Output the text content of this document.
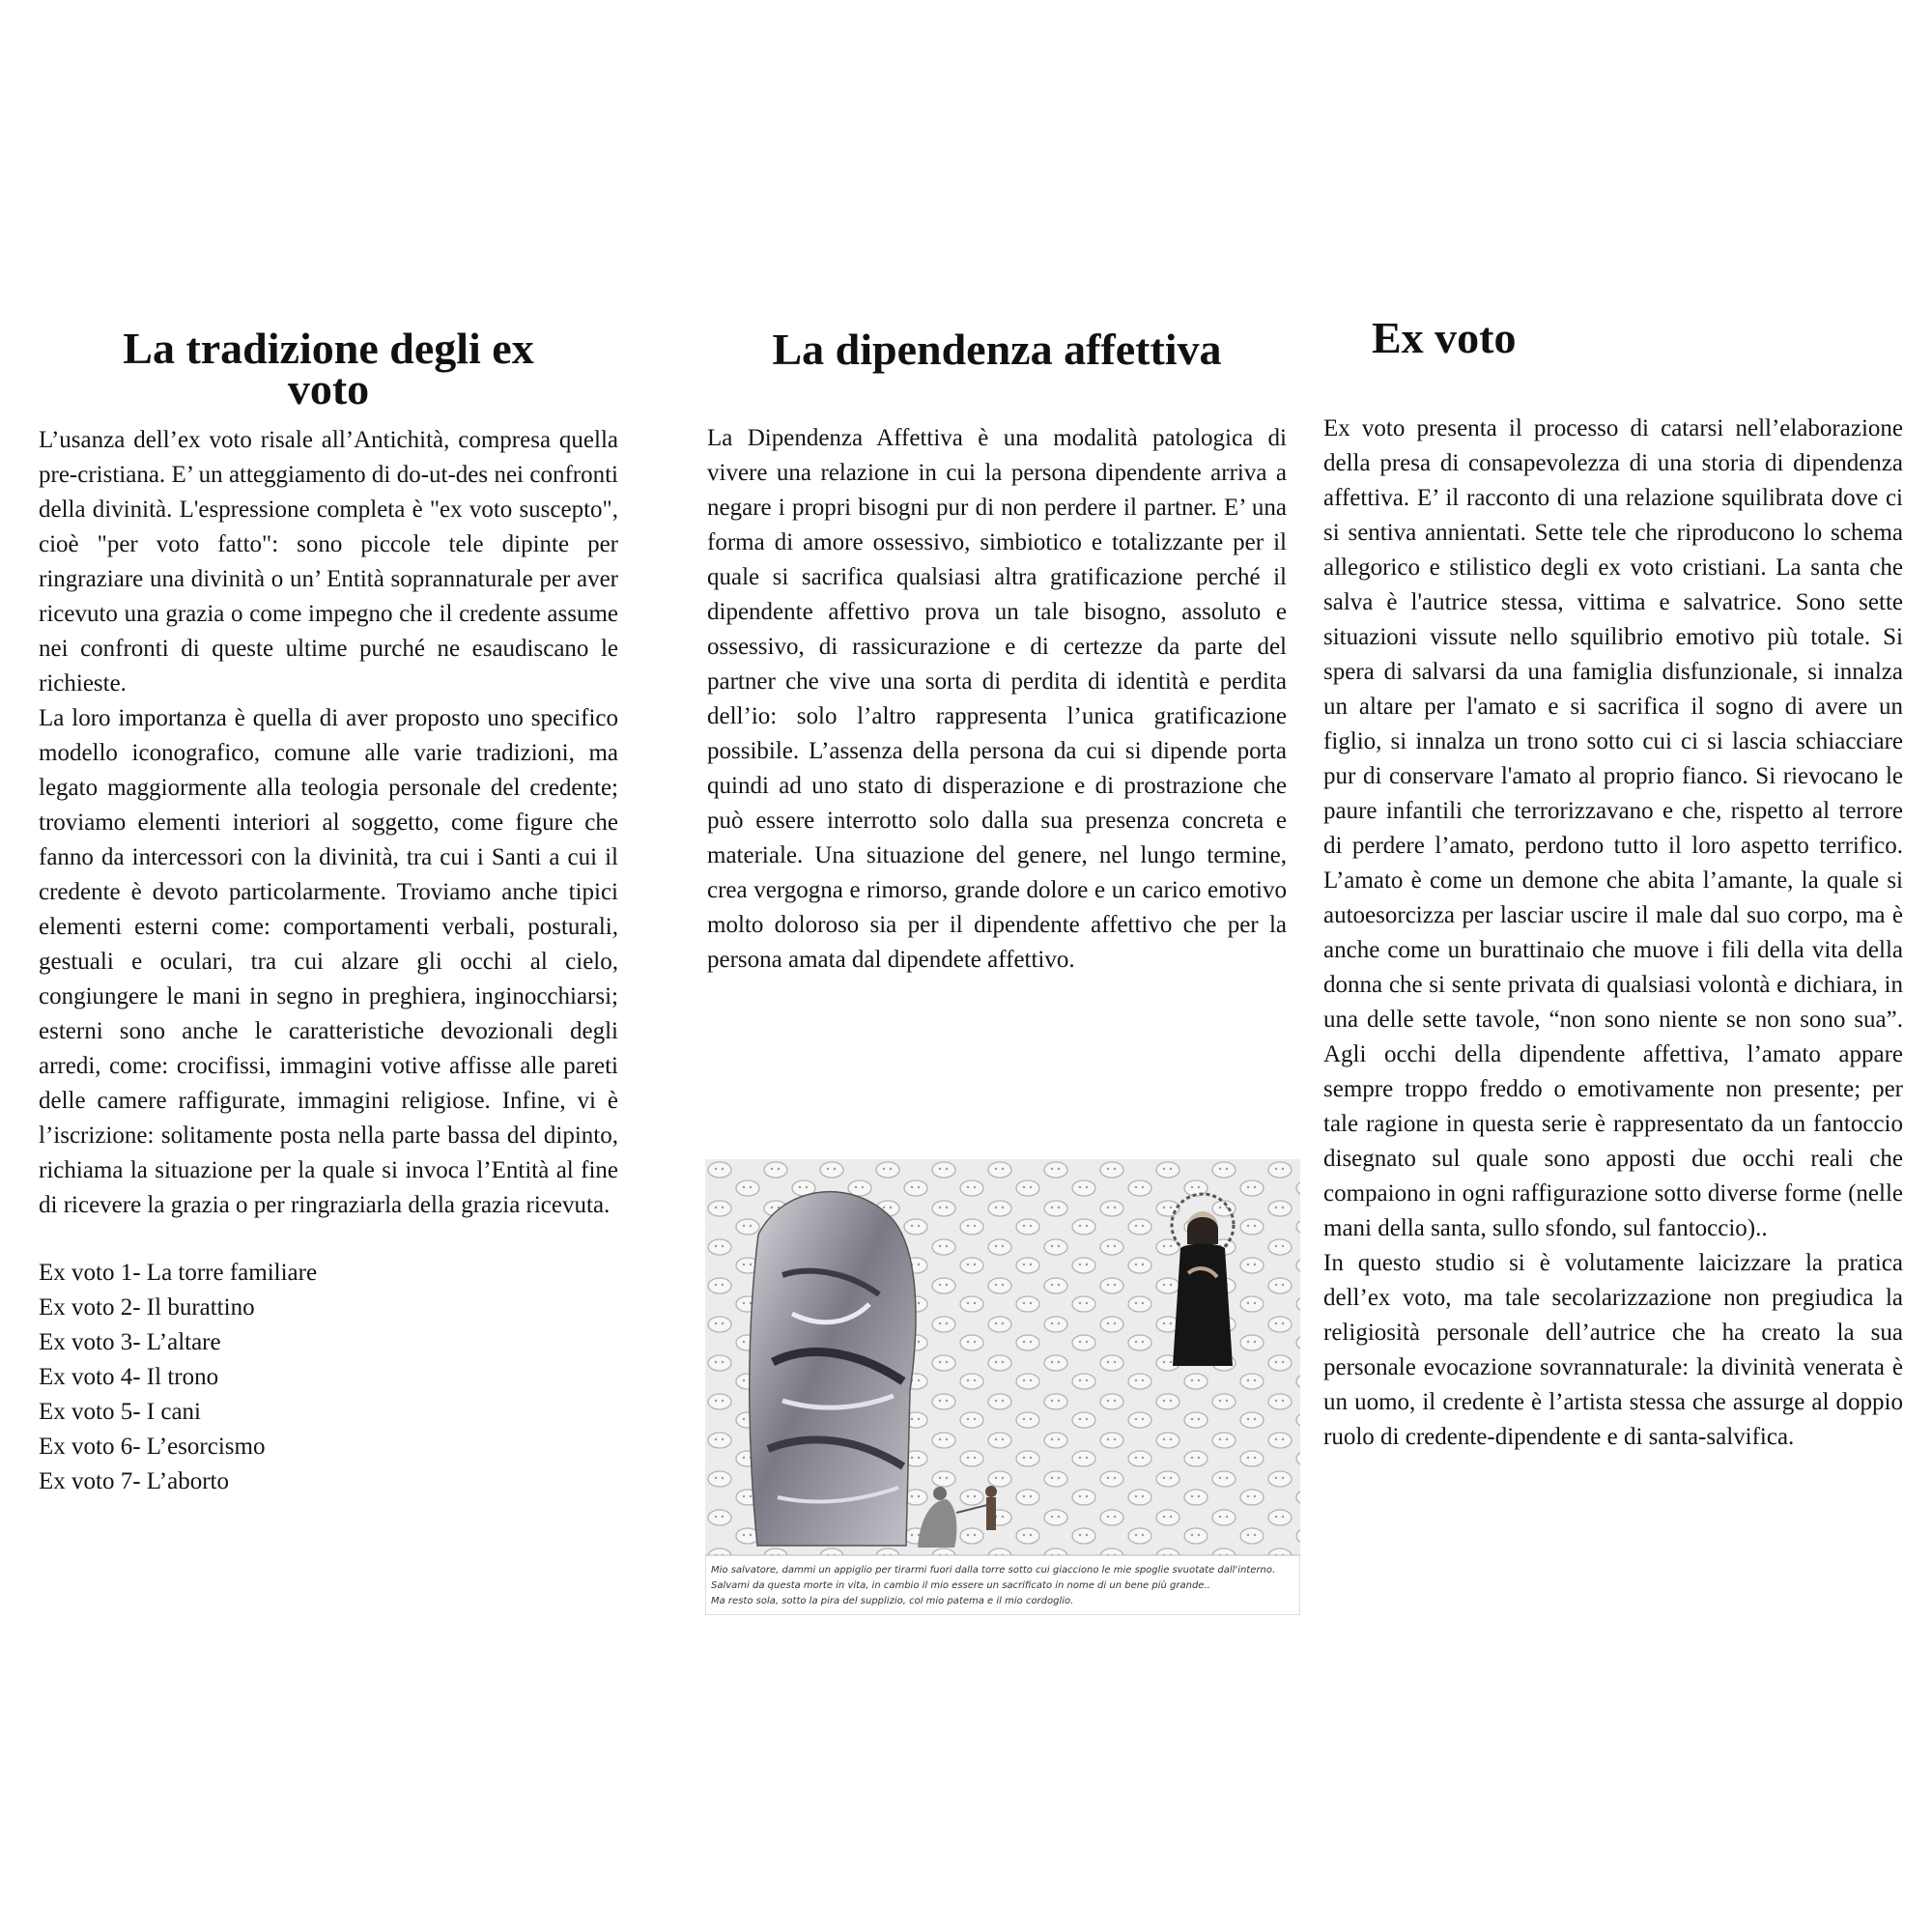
La tradizione degli ex voto

L’usanza dell’ex voto risale all’Antichità, compresa quella pre-cristiana. E’ un atteggiamento di do-ut-des nei confronti della divinità. L'espressione completa è "ex voto suscepto", cioè "per voto fatto": sono piccole tele dipinte per ringraziare una divinità o un’ Entità soprannaturale per aver ricevuto una grazia o come impegno che il credente assume nei confronti di queste ultime purché ne esaudiscano le richieste.

La loro importanza è quella di aver proposto uno specifico modello iconografico, comune alle varie tradizioni, ma legato maggiormente alla teologia personale del credente; troviamo elementi interiori al soggetto, come figure che fanno da intercessori con la divinità, tra cui i Santi a cui il credente è devoto particolarmente. Troviamo anche tipici elementi esterni come: comportamenti verbali, posturali, gestuali e oculari, tra cui alzare gli occhi al cielo, congiungere le mani in segno in preghiera, inginocchiarsi; esterni sono anche le caratteristiche devozionali degli arredi, come: crocifissi, immagini votive affisse alle pareti delle camere raffigurate, immagini religiose. Infine, vi è l’iscrizione: solitamente posta nella parte bassa del dipinto, richiama la situazione per la quale si invoca l’Entità al fine di ricevere la grazia o per ringraziarla della grazia ricevuta.

Ex voto 1- La torre familiare
Ex voto 2- Il burattino
Ex voto 3- L’altare
Ex voto 4- Il trono
Ex voto 5- I cani
Ex voto 6- L’esorcismo
Ex voto 7- L’aborto
La dipendenza affettiva

La Dipendenza Affettiva è una modalità patologica di vivere una relazione in cui la persona dipendente arriva a negare i propri bisogni pur di non perdere il partner. E’ una forma di amore ossessivo, simbiotico e totalizzante per il quale si sacrifica qualsiasi altra gratificazione perché il dipendente affettivo prova un tale bisogno, assoluto e ossessivo, di rassicurazione e di certezze da parte del partner che vive una sorta di perdita di identità e perdita dell’io: solo l’altro rappresenta l’unica gratificazione possibile. L’assenza della persona da cui si dipende porta quindi ad uno stato di disperazione e di prostrazione che può essere interrotto solo dalla sua presenza concreta e materiale. Una situazione del genere, nel lungo termine, crea vergogna e rimorso, grande dolore e un carico emotivo molto doloroso sia per il dipendente affettivo che per la persona amata dal dipendete affettivo.

Ex voto

Ex voto presenta il processo di catarsi nell’elaborazione della presa di consapevolezza di una storia di dipendenza affettiva. E’ il racconto di una relazione squilibrata dove ci si sentiva annientati. Sette tele che riproducono lo schema allegorico e stilistico degli ex voto cristiani. La santa che salva è l'autrice stessa, vittima e salvatrice. Sono sette situazioni vissute nello squilibrio emotivo più totale. Si spera di salvarsi da una famiglia disfunzionale, si innalza un altare per l'amato e si sacrifica il sogno di avere un figlio, si innalza un trono sotto cui ci si lascia schiacciare pur di conservare l'amato al proprio fianco. Si rievocano le paure infantili che terrorizzavano e che, rispetto al terrore di perdere l’amato, perdono tutto il loro aspetto terrifico. L’amato è come un demone che abita l’amante, la quale si autoesorcizza per lasciar uscire il male dal suo corpo, ma è anche come un burattinaio che muove i fili della vita della donna che si sente privata di qualsiasi volontà e dichiara, in una delle sette tavole, “non sono niente se non sono sua”. Agli occhi della dipendente affettiva, l’amato appare sempre troppo freddo o emotivamente non presente; per tale ragione in questa serie è rappresentato da un fantoccio disegnato sul quale sono apposti due occhi reali che compaiono in ogni raffigurazione sotto diverse forme (nelle mani della santa, sullo sfondo, sul fantoccio)..

In questo studio si è volutamente laicizzare la pratica dell’ex voto, ma tale secolarizzazione non pregiudica la religiosità personale dell’autrice che ha creato la sua personale evocazione sovrannaturale: la divinità venerata è un uomo, il credente è l’artista stessa che assurge al doppio ruolo di credente-dipendente e di santa-salvifica.

Mio salvatore, dammi un appiglio per tirarmi fuori dalla torre sotto cui giacciono le mie spoglie svuotate dall'interno.
Salvami da questa morte in vita, in cambio il mio essere un sacrificato in nome di un bene più grande..
Ma resto sola, sotto la pira del supplizio, col mio patema e il mio cordoglio.
